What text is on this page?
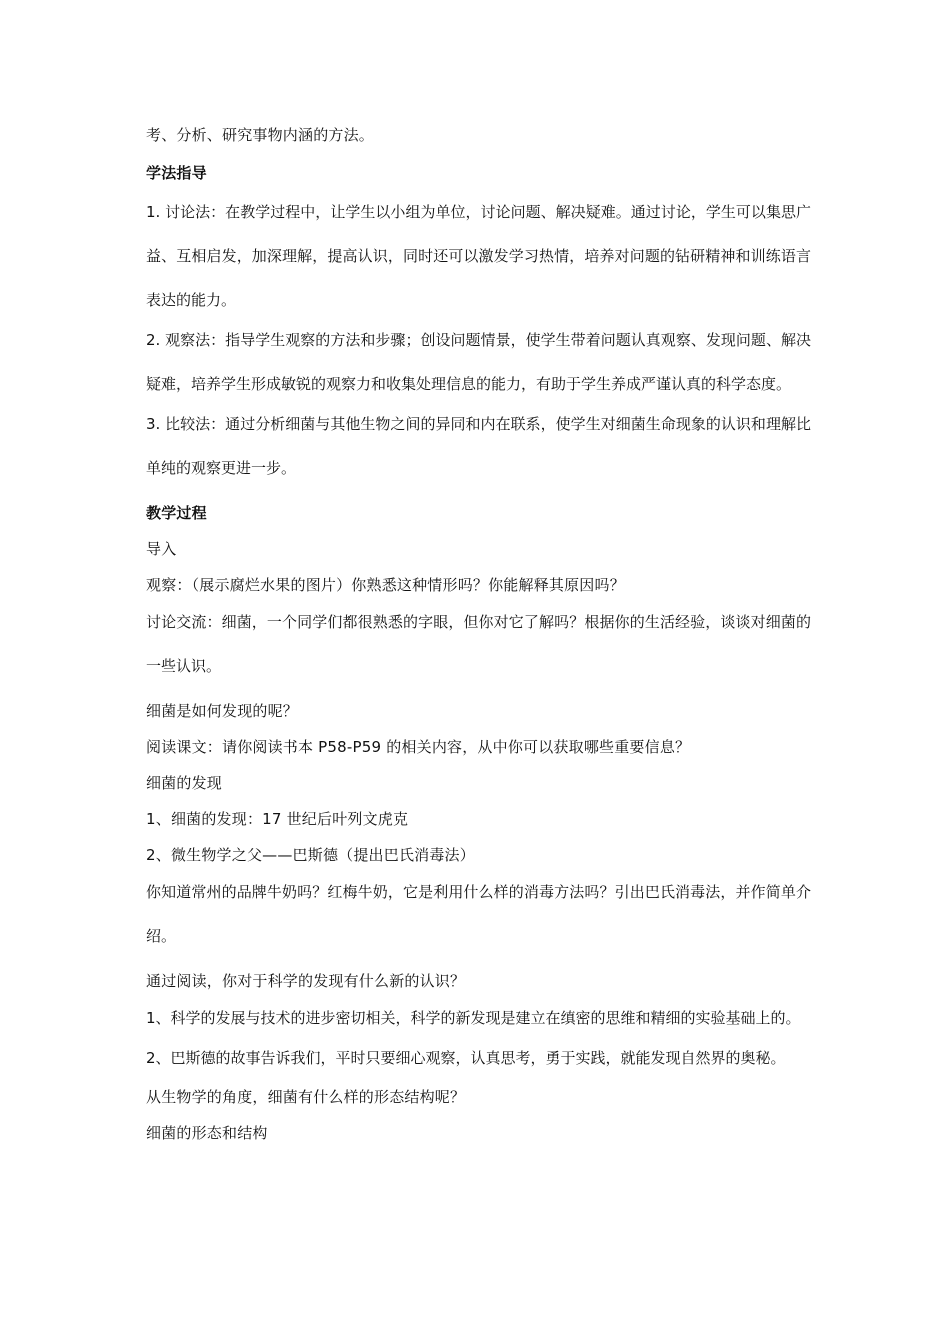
考、分析、研究事物内涵的方法。
学法指导
1. 讨论法：在教学过程中，让学生以小组为单位，讨论问题、解决疑难。通过讨论，学生可以集思广益、互相启发，加深理解，提高认识，同时还可以激发学习热情，培养对问题的钻研精神和训练语言表达的能力。
2. 观察法：指导学生观察的方法和步骤；创设问题情景，使学生带着问题认真观察、发现问题、解决疑难，培养学生形成敏锐的观察力和收集处理信息的能力，有助于学生养成严谨认真的科学态度。
3. 比较法：通过分析细菌与其他生物之间的异同和内在联系，使学生对细菌生命现象的认识和理解比单纯的观察更进一步。
教学过程
导入
观察：（展示腐烂水果的图片）你熟悉这种情形吗？你能解释其原因吗？
讨论交流：细菌，一个同学们都很熟悉的字眼，但你对它了解吗？根据你的生活经验，谈谈对细菌的一些认识。
细菌是如何发现的呢？
阅读课文：请你阅读书本 P58-P59 的相关内容，从中你可以获取哪些重要信息？
细菌的发现
1、细菌的发现：17 世纪后叶列文虎克
2、微生物学之父——巴斯德（提出巴氏消毒法）
你知道常州的品牌牛奶吗？红梅牛奶，它是利用什么样的消毒方法吗？引出巴氏消毒法，并作简单介绍。
通过阅读，你对于科学的发现有什么新的认识？
1、科学的发展与技术的进步密切相关，科学的新发现是建立在缜密的思维和精细的实验基础上的。
2、巴斯德的故事告诉我们，平时只要细心观察，认真思考，勇于实践，就能发现自然界的奥秘。
从生物学的角度，细菌有什么样的形态结构呢？
细菌的形态和结构
